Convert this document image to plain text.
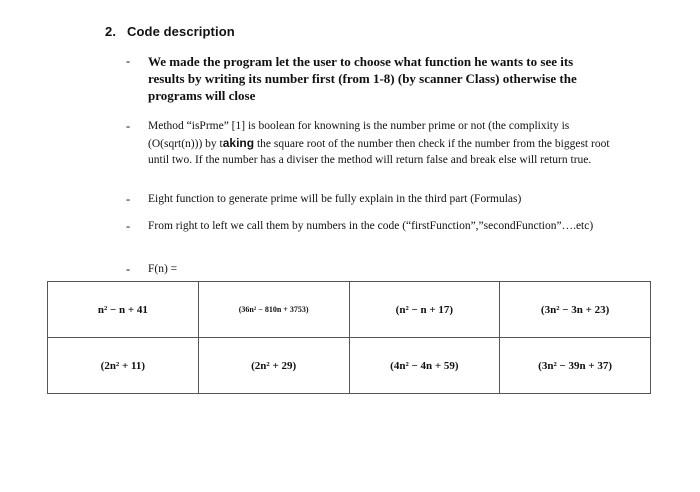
2. Code description
-	We made the program let the user to choose what function he wants to see its results by writing its number first (from 1-8) (by scanner Class) otherwise the programs will close
-	Method “isPrme” [1] is boolean for knowning is the number prime or not (the complixity is (O(sqrt(n))) by taking the square root of the number then check if the number from the biggest root until two. If the number has a diviser the method will return false and break else will return true.
-	Eight function to generate prime will be fully explain in the third part (Formulas)
-	From right to left we call them by numbers in the code (“firstFunction”,”secondFunction”….etc)
-	F(n) =
n² − n + 41	(36n² − 810n + 3753)	(n² − n + 17)	(3n² − 3n + 23)
(2n² + 11)	(2n² + 29)	(4n² − 4n + 59)	(3n² − 39n + 37)
